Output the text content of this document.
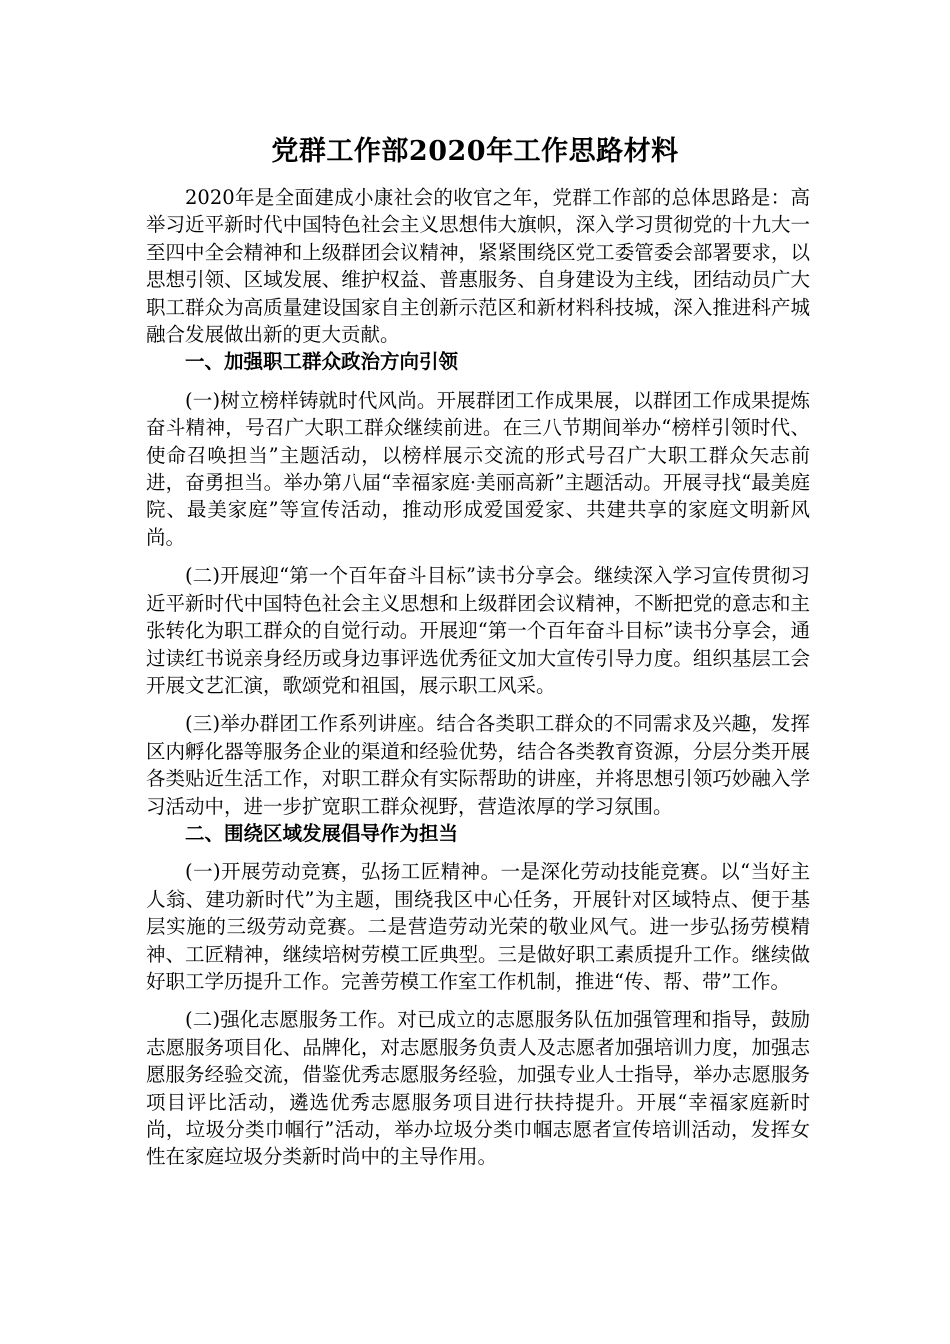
党群工作部2020年工作思路材料

2020年是全面建成小康社会的收官之年，党群工作部的总体思路是：高举习近平新时代中国特色社会主义思想伟大旗帜，深入学习贯彻党的十九大一至四中全会精神和上级群团会议精神，紧紧围绕区党工委管委会部署要求，以思想引领、区域发展、维护权益、普惠服务、自身建设为主线，团结动员广大职工群众为高质量建设国家自主创新示范区和新材料科技城，深入推进科产城融合发展做出新的更大贡献。

一、加强职工群众政治方向引领

(一)树立榜样铸就时代风尚。开展群团工作成果展，以群团工作成果提炼奋斗精神，号召广大职工群众继续前进。在三八节期间举办“榜样引领时代、使命召唤担当”主题活动，以榜样展示交流的形式号召广大职工群众矢志前进，奋勇担当。举办第八届“幸福家庭·美丽高新”主题活动。开展寻找“最美庭院、最美家庭”等宣传活动，推动形成爱国爱家、共建共享的家庭文明新风尚。

(二)开展迎“第一个百年奋斗目标”读书分享会。继续深入学习宣传贯彻习近平新时代中国特色社会主义思想和上级群团会议精神，不断把党的意志和主张转化为职工群众的自觉行动。开展迎“第一个百年奋斗目标”读书分享会，通过读红书说亲身经历或身边事评选优秀征文加大宣传引导力度。组织基层工会开展文艺汇演，歌颂党和祖国，展示职工风采。

(三)举办群团工作系列讲座。结合各类职工群众的不同需求及兴趣，发挥区内孵化器等服务企业的渠道和经验优势，结合各类教育资源，分层分类开展各类贴近生活工作，对职工群众有实际帮助的讲座，并将思想引领巧妙融入学习活动中，进一步扩宽职工群众视野，营造浓厚的学习氛围。

二、围绕区域发展倡导作为担当

(一)开展劳动竞赛，弘扬工匠精神。一是深化劳动技能竞赛。以“当好主人翁、建功新时代”为主题，围绕我区中心任务，开展针对区域特点、便于基层实施的三级劳动竞赛。二是营造劳动光荣的敬业风气。进一步弘扬劳模精神、工匠精神，继续培树劳模工匠典型。三是做好职工素质提升工作。继续做好职工学历提升工作。完善劳模工作室工作机制，推进“传、帮、带”工作。

(二)强化志愿服务工作。对已成立的志愿服务队伍加强管理和指导，鼓励志愿服务项目化、品牌化，对志愿服务负责人及志愿者加强培训力度，加强志愿服务经验交流，借鉴优秀志愿服务经验，加强专业人士指导，举办志愿服务项目评比活动，遴选优秀志愿服务项目进行扶持提升。开展“幸福家庭新时尚，垃圾分类巾帼行”活动，举办垃圾分类巾帼志愿者宣传培训活动，发挥女性在家庭垃圾分类新时尚中的主导作用。
